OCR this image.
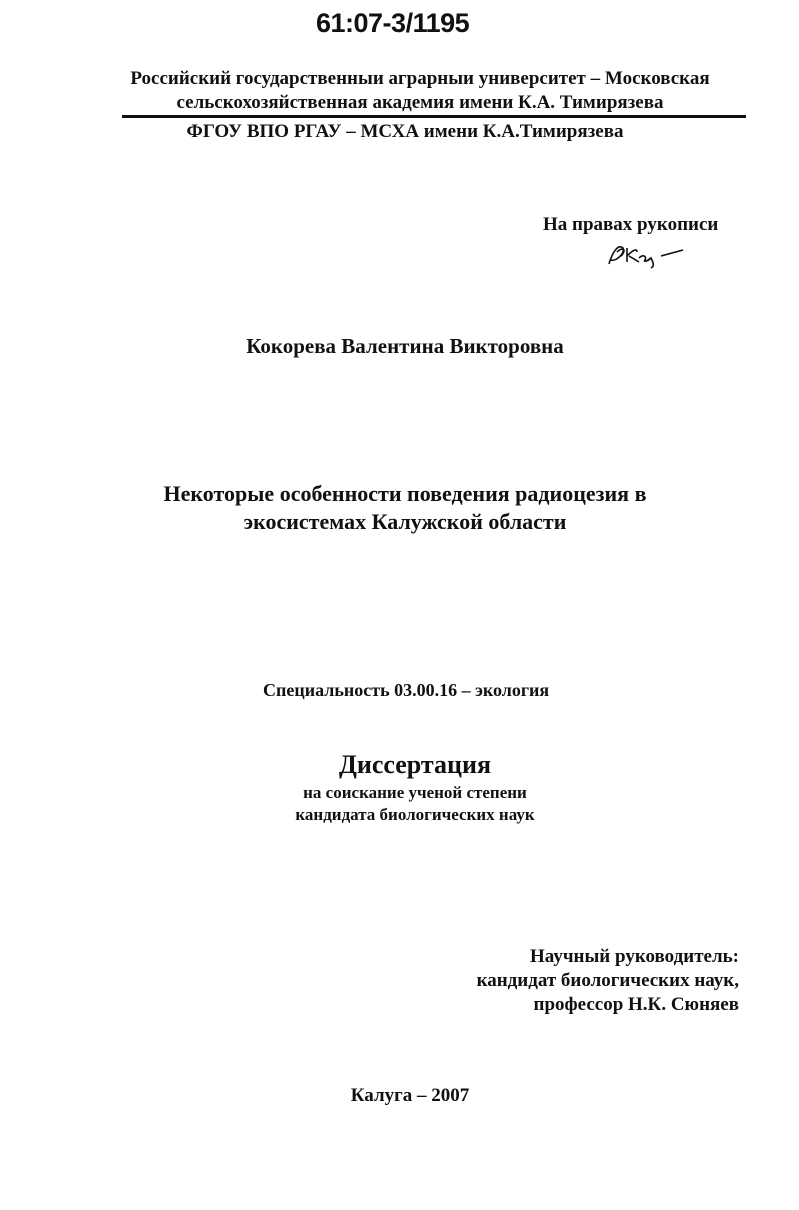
61:07-3/1195
Российский государственныи аграрныи университет – Московская
сельскохозяйственная академия имени К.А. Тимирязева
ФГОУ ВПО РГАУ – МСХА имени К.А.Тимирязева
На правах рукописи
Кокорева Валентина Викторовна
Некоторые особенности поведения радиоцезия в
экосистемах Калужской области
Специальность 03.00.16 – экология
Диссертация
на соискание ученой степени
кандидата биологических наук
Научный руководитель:
кандидат биологических наук,
профессор Н.К. Сюняев
Калуга – 2007
